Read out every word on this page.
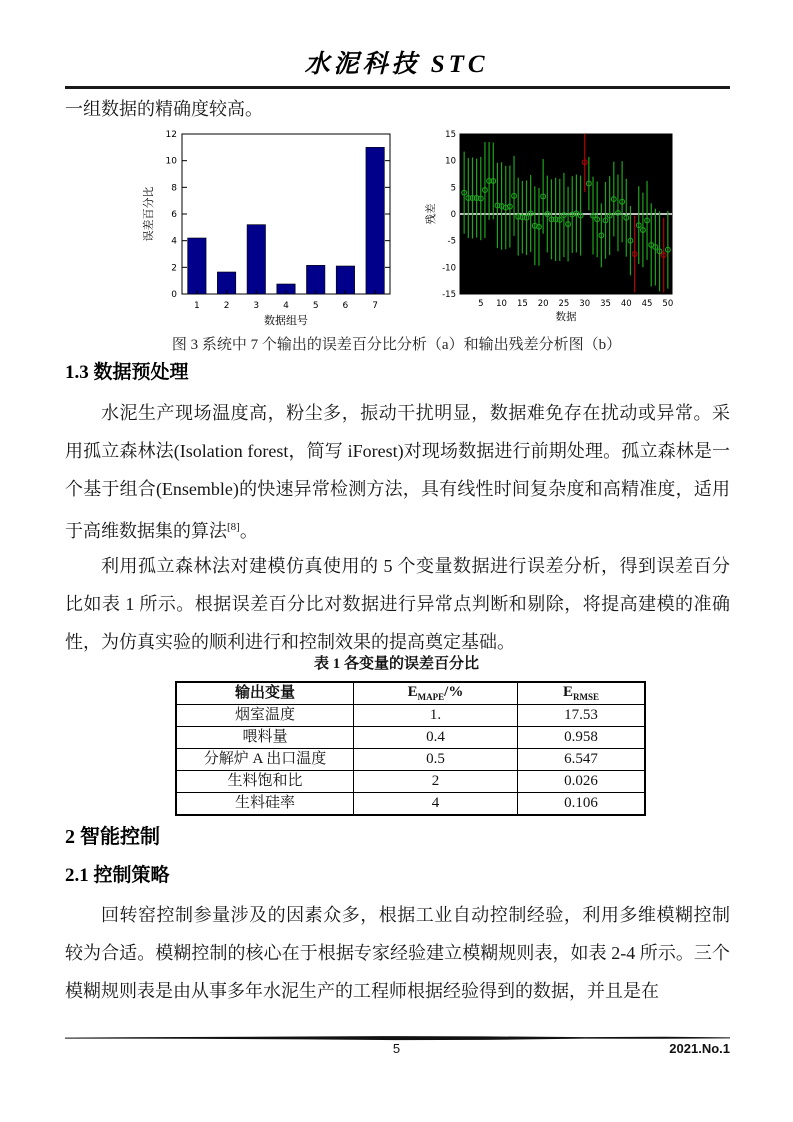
水泥科技 STC
一组数据的精确度较高。
0
2
4
6
8
10
12
1	2	3	4	5	6	7
数据组号
误差百分比
-15
-10
-5
0
5
10
15
5 10 15 20 25 30 35 40 45 50
数据
残差
图 3 系统中 7 个输出的误差百分比分析（a）和输出残差分析图（b）
1.3 数据预处理
水泥生产现场温度高，粉尘多，振动干扰明显，数据难免存在扰动或异常。采用孤立森林法(Isolation forest，简写 iForest)对现场数据进行前期处理。孤立森林是一个基于组合(Ensemble)的快速异常检测方法，具有线性时间复杂度和高精准度，适用于高维数据集的算法[8]。
利用孤立森林法对建模仿真使用的 5 个变量数据进行误差分析，得到误差百分比如表 1 所示。根据误差百分比对数据进行异常点判断和剔除，将提高建模的准确性，为仿真实验的顺利进行和控制效果的提高奠定基础。
表 1 各变量的误差百分比
输出变量	$E_{MAPE}/\%$	$E_{RMSE}$
烟室温度	1.	17.53
喂料量	0.4	0.958
分解炉 A 出口温度	0.5	6.547
生料饱和比	2	0.026
生料硅率	4	0.106
2 智能控制
2.1 控制策略
回转窑控制参量涉及的因素众多，根据工业自动控制经验，利用多维模糊控制较为合适。模糊控制的核心在于根据专家经验建立模糊规则表，如表 2-4 所示。三个模糊规则表是由从事多年水泥生产的工程师根据经验得到的数据，并且是在
5	2021.No.1
